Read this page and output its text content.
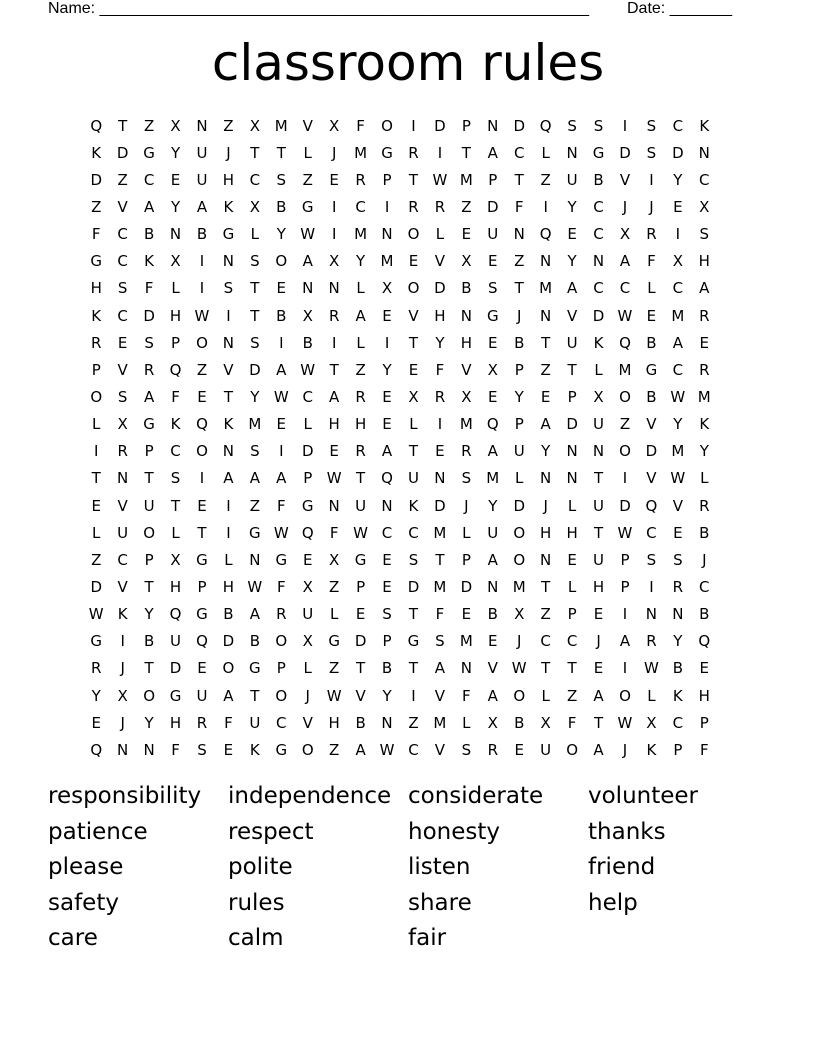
Name: _______________________________________________________ Date: _______
classroom rules
Q	T	Z	X	N	Z	X M V	X	F	O	I	D	P	N	D Q	S	S	I	S	C	K
K	D G	Y	U	J	T	T	L	J	M G	R	I	T	A	C	L	N	G D	S	D	N
D	Z	C	E	U	H	C	S	Z	E	R	P	T W M	P	T	Z	U	B	V	I	Y	C
Z	V	A	Y	A	K	X	B	G	I	C	I	R	R	Z	D	F	I	Y	C	J	J	E	X
F	C	B	N	B	G	L	Y W	I	M N O	L	E	U	N Q	E	C	X	R	I	S
G	C	K	X	I	N	S	O	A	X	Y	M	E	V	X	E	Z	N	Y	N	A	F	X	H
H	S	F	L	I	S	T	E	N	N	L	X	O D	B	S	T	M A	C	C	L	C	A
K	C	D	H W	I	T	B	X	R	A	E	V	H	N	G	J	N	V	D W E	M R
R	E	S	P	O N	S	I	B	I	L	I	T	Y	H	E	B	T	U	K	Q	B	A	E
P	V	R	Q	Z	V	D	A W T	Z	Y	E	F	V	X	P	Z	T	L	M G	C	R
O	S	A	F	E	T	Y W C	A	R	E	X	R	X	E	Y	E	P	X	O	B W M
L	X	G	K	Q	K	M	E	L	H	H	E	L	I	M Q	P	A	D	U	Z	V	Y	K
I	R	P	C	O N	S	I	D	E	R	A	T	E	R	A	U	Y	N	N O D M	Y
T	N	T	S	I	A	A	A	P W T	Q	U	N	S	M	L	N	N	T	I	V W L
E	V	U	T	E	I	Z	F	G	N	U	N	K	D	J	Y	D	J	L	U	D Q	V	R
L	U	O	L	T	I	G W Q	F W C	C M	L	U	O H	H	T W C	E	B
Z	C	P	X	G	L	N	G	E	X	G	E	S	T	P	A	O N	E	U	P	S	S	J
D	V	T	H	P	H W F	X	Z	P	E	D M D	N M	T	L	H	P	I	R	C
W K	Y	Q G	B	A	R	U	L	E	S	T	F	E	B	X	Z	P	E	I	N	N	B
G	I	B	U	Q D	B	O	X	G D	P	G	S	M	E	J	C	C	J	A	R	Y	Q
R	J	T	D	E	O G	P	L	Z	T	B	T	A	N	V W T	T	E	I	W B	E
Y	X	O G	U	A	T	O	J	W V	Y	I	V	F	A	O	L	Z	A	O	L	K	H
E	J	Y	H	R	F	U	C	V	H	B	N	Z M	L	X	B	X	F	T W X	C	P
Q N	N	F	S	E	K	G O	Z	A W C	V	S	R	E	U	O	A	J	K	P	F
responsibility	independence considerate	volunteer
patience	respect	honesty	thanks
please	polite	listen	friend
safety	rules	share	help
care	calm	fair
